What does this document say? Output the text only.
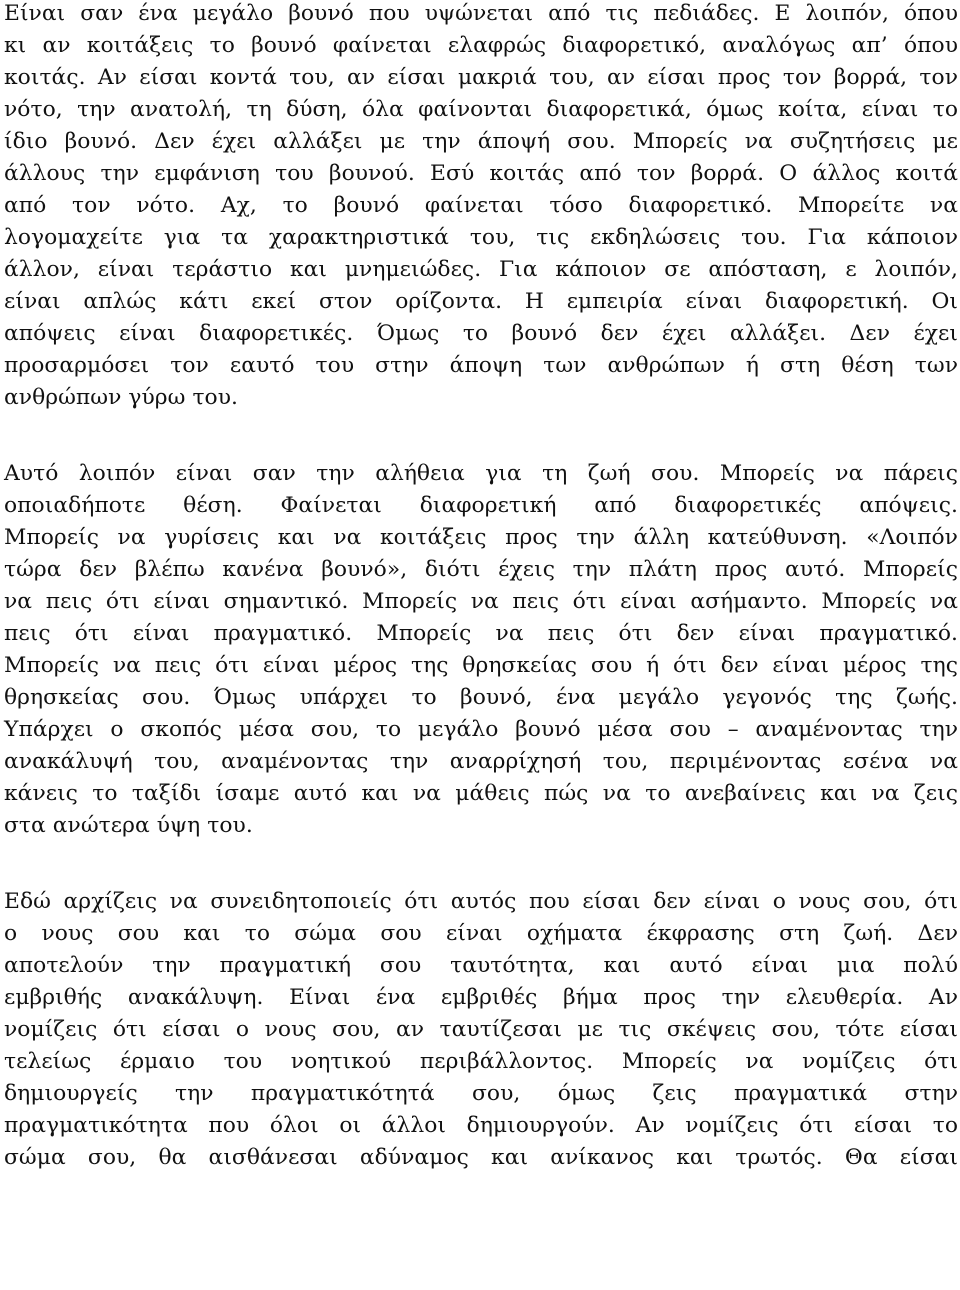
Είναι σαν ένα μεγάλο βουνό που υψώνεται από τις πεδιάδες. Ε λοιπόν, όπου

κι αν κοιτάξεις το βουνό φαίνεται ελαφρώς διαφορετικό, αναλόγως απ’ όπου

κοιτάς. Αν είσαι κοντά του, αν είσαι μακριά του, αν είσαι προς τον βορρά, τον

νότο, την ανατολή, τη δύση, όλα φαίνονται διαφορετικά, όμως κοίτα, είναι το

ίδιο βουνό. Δεν έχει αλλάξει με την άποψή σου. Μπορείς να συζητήσεις με

άλλους την εμφάνιση του βουνού. Εσύ κοιτάς από τον βορρά. Ο άλλος κοιτά

από τον νότο. Αχ, το βουνό φαίνεται τόσο διαφορετικό. Μπορείτε να

λογομαχείτε για τα χαρακτηριστικά του, τις εκδηλώσεις του. Για κάποιον

άλλον, είναι τεράστιο και μνημειώδες. Για κάποιον σε απόσταση, ε λοιπόν,

είναι απλώς κάτι εκεί στον ορίζοντα. Η εμπειρία είναι διαφορετική. Οι

απόψεις είναι διαφορετικές. Όμως το βουνό δεν έχει αλλάξει. Δεν έχει

προσαρμόσει τον εαυτό του στην άποψη των ανθρώπων ή στη θέση των

ανθρώπων γύρω του.

Αυτό λοιπόν είναι σαν την αλήθεια για τη ζωή σου. Μπορείς να πάρεις

οποιαδήποτε θέση. Φαίνεται διαφορετική από διαφορετικές απόψεις.

Μπορείς να γυρίσεις και να κοιτάξεις προς την άλλη κατεύθυνση. «Λοιπόν

τώρα δεν βλέπω κανένα βουνό», διότι έχεις την πλάτη προς αυτό. Μπορείς

να πεις ότι είναι σημαντικό. Μπορείς να πεις ότι είναι ασήμαντο. Μπορείς να

πεις ότι είναι πραγματικό. Μπορείς να πεις ότι δεν είναι πραγματικό.

Μπορείς να πεις ότι είναι μέρος της θρησκείας σου ή ότι δεν είναι μέρος της

θρησκείας σου. Όμως υπάρχει το βουνό, ένα μεγάλο γεγονός της ζωής.

Υπάρχει ο σκοπός μέσα σου, το μεγάλο βουνό μέσα σου – αναμένοντας την

ανακάλυψή του, αναμένοντας την αναρρίχησή του, περιμένοντας εσένα να

κάνεις το ταξίδι ίσαμε αυτό και να μάθεις πώς να το ανεβαίνεις και να ζεις

στα ανώτερα ύψη του.

Εδώ αρχίζεις να συνειδητοποιείς ότι αυτός που είσαι δεν είναι ο νους σου, ότι

ο νους σου και το σώμα σου είναι οχήματα έκφρασης στη ζωή. Δεν

αποτελούν την πραγματική σου ταυτότητα, και αυτό είναι μια πολύ

εμβριθής ανακάλυψη. Είναι ένα εμβριθές βήμα προς την ελευθερία. Αν

νομίζεις ότι είσαι ο νους σου, αν ταυτίζεσαι με τις σκέψεις σου, τότε είσαι

τελείως έρμαιο του νοητικού περιβάλλοντος. Μπορείς να νομίζεις ότι

δημιουργείς την πραγματικότητά σου, όμως ζεις πραγματικά στην

πραγματικότητα που όλοι οι άλλοι δημιουργούν. Αν νομίζεις ότι είσαι το

σώμα σου, θα αισθάνεσαι αδύναμος και ανίκανος και τρωτός. Θα είσαι
